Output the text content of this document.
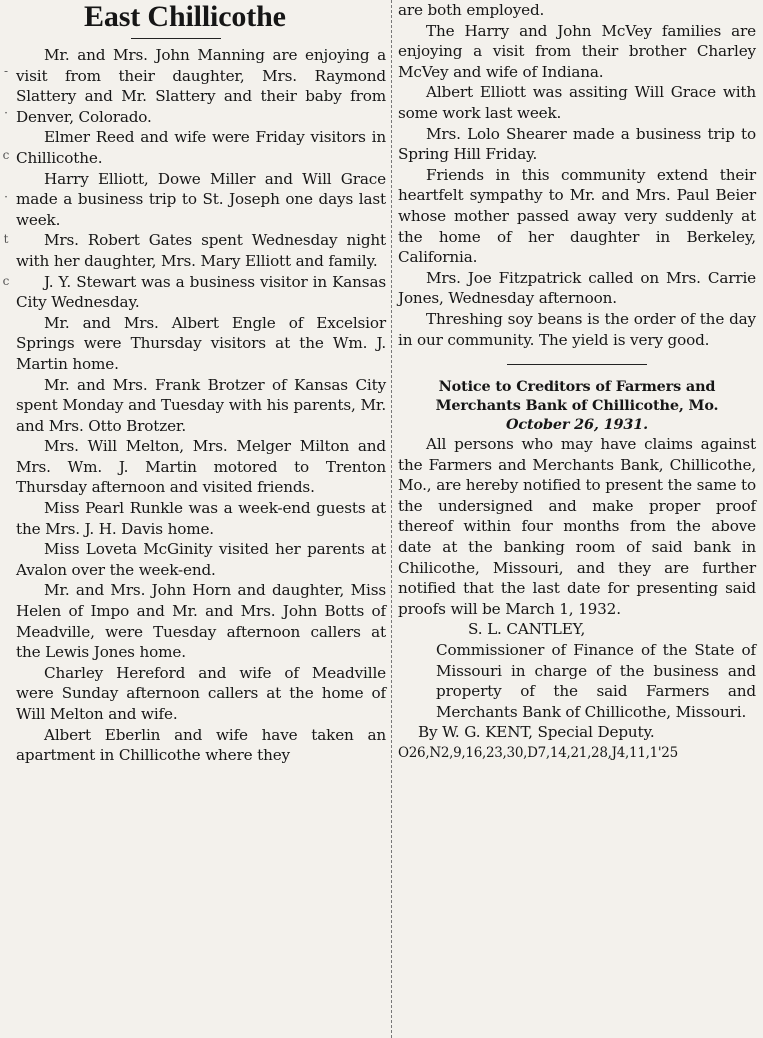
-
·
c
·
t
c
East Chillicothe

Mr. and Mrs. John Manning are enjoying a visit from their daughter, Mrs. Raymond Slattery and Mr. Slattery and their baby from Denver, Colorado.

Elmer Reed and wife were Friday visitors in Chillicothe.

Harry Elliott, Dowe Miller and Will Grace made a business trip to St. Joseph one days last week.

Mrs. Robert Gates spent Wednesday night with her daughter, Mrs. Mary Elliott and family.

J. Y. Stewart was a business visitor in Kansas City Wednesday.

Mr. and Mrs. Albert Engle of Excelsior Springs were Thursday visitors at the Wm. J. Martin home.

Mr. and Mrs. Frank Brotzer of Kansas City spent Monday and Tuesday with his parents, Mr. and Mrs. Otto Brotzer.

Mrs. Will Melton, Mrs. Melger Milton and Mrs. Wm. J. Martin motored to Trenton Thursday afternoon and visited friends.

Miss Pearl Runkle was a week-end guests at the Mrs. J. H. Davis home.

Miss Loveta McGinity visited her parents at Avalon over the week-end.

Mr. and Mrs. John Horn and daughter, Miss Helen of Impo and Mr. and Mrs. John Botts of Meadville, were Tuesday afternoon callers at the Lewis Jones home.

Charley Hereford and wife of Meadville were Sunday afternoon callers at the home of Will Melton and wife.

Albert Eberlin and wife have taken an apartment in Chillicothe where they

are both employed.

The Harry and John McVey families are enjoying a visit from their brother Charley McVey and wife of Indiana.

Albert Elliott was assiting Will Grace with some work last week.

Mrs. Lolo Shearer made a business trip to Spring Hill Friday.

Friends in this community extend their heartfelt sympathy to Mr. and Mrs. Paul Beier whose mother passed away very suddenly at the home of her daughter in Berkeley, California.

Mrs. Joe Fitzpatrick called on Mrs. Carrie Jones, Wednesday afternoon.

Threshing soy beans is the order of the day in our community. The yield is very good.

Notice to Creditors of Farmers and Merchants Bank of Chillicothe, Mo.

October 26, 1931.

All persons who may have claims against the Farmers and Merchants Bank, Chillicothe, Mo., are hereby notified to present the same to the undersigned and make proper proof thereof within four months from the above date at the banking room of said bank in Chilicothe, Missouri, and they are further notified that the last date for presenting said proofs will be March 1, 1932.

S. L. CANTLEY,

Commissioner of Finance of the State of Missouri in charge of the business and property of the said Farmers and Merchants Bank of Chillicothe, Missouri.

By W. G. KENT, Special Deputy.

O26,N2,9,16,23,30,D7,14,21,28,J4,11,1'25
